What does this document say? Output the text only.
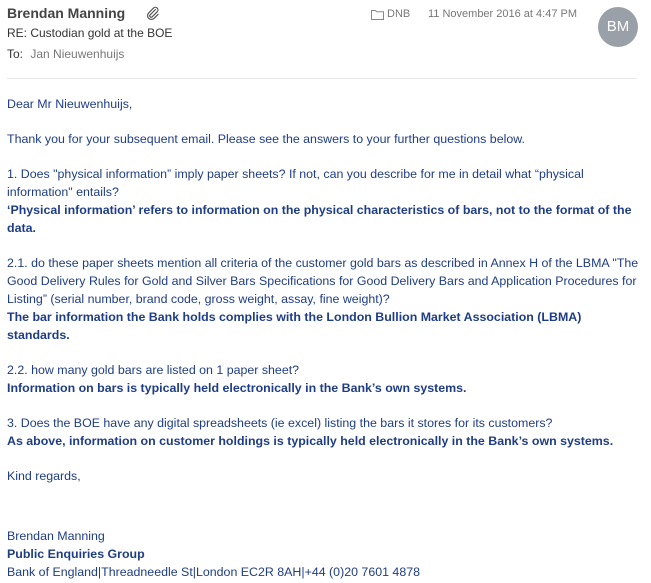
Brendan Manning	DNB 11 November 2016 at 4:47 PM
BM
RE: Custodian gold at the BOE
To: Jan Nieuwenhuijs

Dear Mr Nieuwenhuijs,

Thank you for your subsequent email. Please see the answers to your further questions below.

1. Does "physical information” imply paper sheets? If not, can you describe for me in detail what “physical information" entails?
‘Physical information’ refers to information on the physical characteristics of bars, not to the format of the data.

2.1. do these paper sheets mention all criteria of the customer gold bars as described in Annex H of the LBMA "The Good Delivery Rules for Gold and Silver Bars Specifications for Good Delivery Bars and Application Procedures for Listing” (serial number, brand code, gross weight, assay, fine weight)?
The bar information the Bank holds complies with the London Bullion Market Association (LBMA) standards.

2.2. how many gold bars are listed on 1 paper sheet?
Information on bars is typically held electronically in the Bank’s own systems.

3. Does the BOE have any digital spreadsheets (ie excel) listing the bars it stores for its customers?
As above, information on customer holdings is typically held electronically in the Bank’s own systems.

Kind regards,

Brendan Manning
Public Enquiries Group
Bank of England|Threadneedle St|London EC2R 8AH|+44 (0)20 7601 4878
